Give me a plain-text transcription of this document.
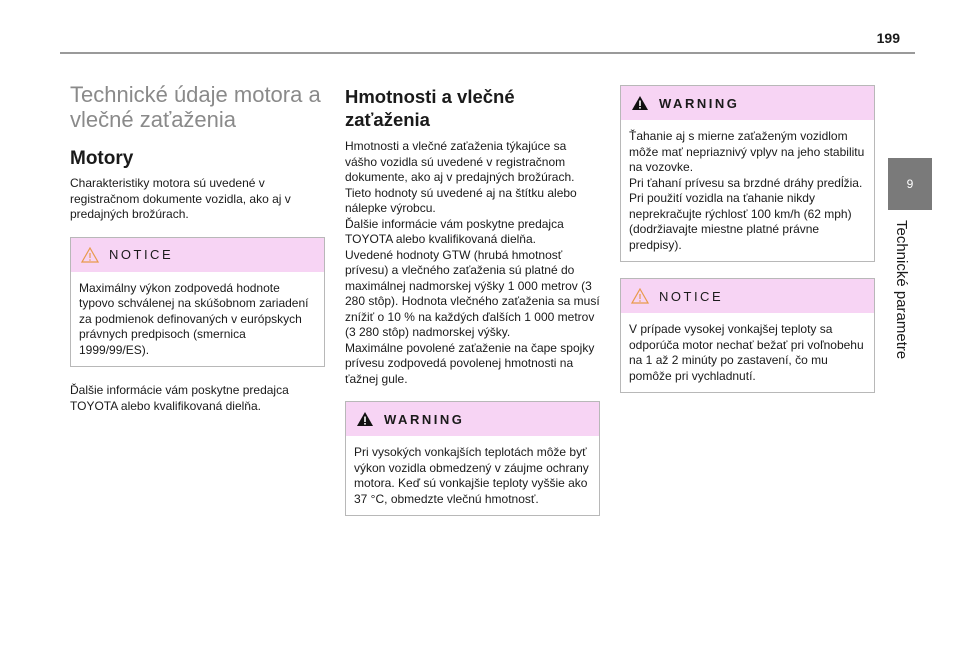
199
9
Technické parametre
Technické údaje motora a vlečné zaťaženia
Motory

Charakteristiky motora sú uvedené v registračnom dokumente vozidla, ako aj v predajných brožúrach.

NOTICE
Maximálny výkon zodpovedá hodnote typovo schválenej na skúšobnom zariadení za podmienok definovaných v európskych právnych predpisoch (smernica 1999/99/ES).

Ďalšie informácie vám poskytne predajca TOYOTA alebo kvalifikovaná dielňa.

Hmotnosti a vlečné zaťaženia

Hmotnosti a vlečné zaťaženia týkajúce sa vášho vozidla sú uvedené v registračnom dokumente, ako aj v predajných brožúrach.
Tieto hodnoty sú uvedené aj na štítku alebo nálepke výrobcu.
Ďalšie informácie vám poskytne predajca TOYOTA alebo kvalifikovaná dielňa.
Uvedené hodnoty GTW (hrubá hmotnosť prívesu) a vlečného zaťaženia sú platné do maximálnej nadmorskej výšky 1 000 metrov (3 280 stôp). Hodnota vlečného zaťaženia sa musí znížiť o 10 % na každých ďalších 1 000 metrov (3 280 stôp) nadmorskej výšky.
Maximálne povolené zaťaženie na čape spojky prívesu zodpovedá povolenej hmotnosti na ťažnej gule.

WARNING
Pri vysokých vonkajších teplotách môže byť výkon vozidla obmedzený v záujme ochrany motora. Keď sú vonkajšie teploty vyššie ako 37 °C, obmedzte vlečnú hmotnosť.
WARNING
Ťahanie aj s mierne zaťaženým vozidlom môže mať nepriaznivý vplyv na jeho stabilitu na vozovke.
Pri ťahaní prívesu sa brzdné dráhy predĺžia.
Pri použití vozidla na ťahanie nikdy neprekračujte rýchlosť 100 km/h (62 mph) (dodržiavajte miestne platné právne predpisy).
NOTICE
V prípade vysokej vonkajšej teploty sa odporúča motor nechať bežať pri voľnobehu na 1 až 2 minúty po zastavení, čo mu pomôže pri vychladnutí.
